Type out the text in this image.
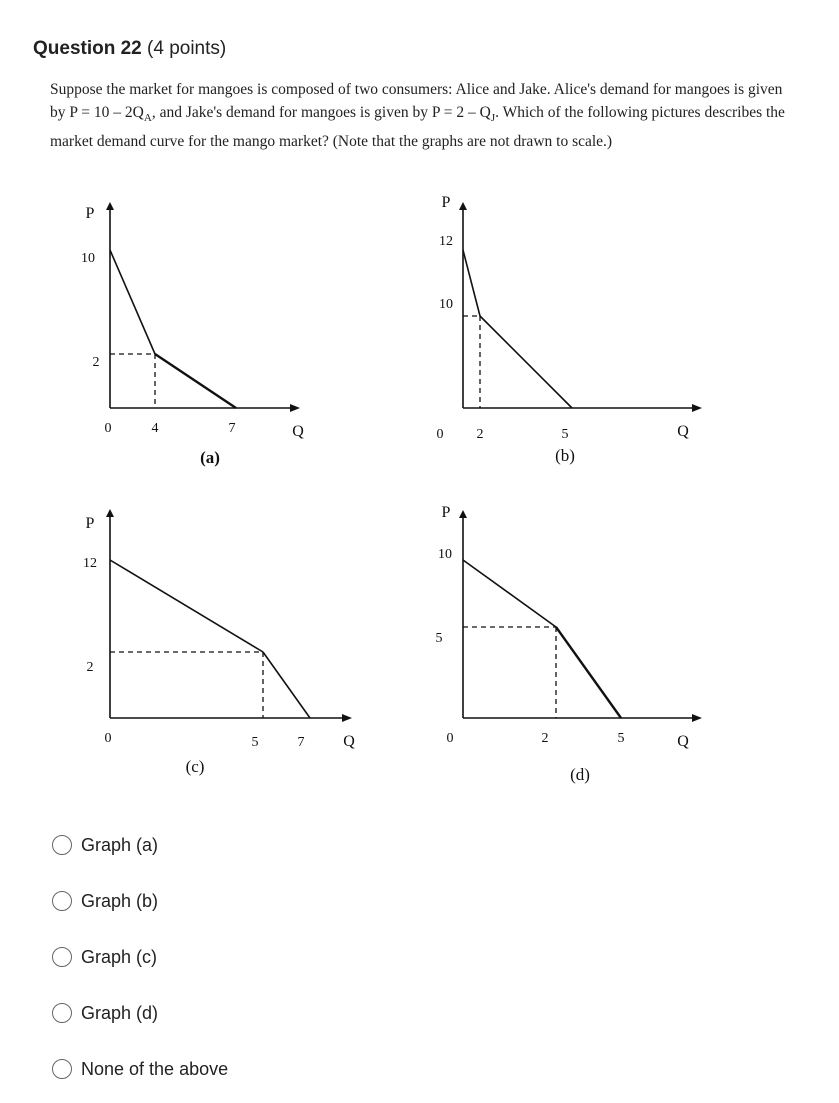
Question 22 (4 points)
Suppose the market for mangoes is composed of two consumers: Alice and Jake. Alice's demand for mangoes is given by $P = 10 - 2Q_A$, and Jake's demand for mangoes is given by $P = 2 - Q_J$. Which of the following pictures describes the market demand curve for the mango market? (Note that the graphs are not drawn to scale.)
P
Q
0	4	7
10
2
(a)
P
Q
0 2	5
12
10
(b)
P
Q
0	5	7
12
2
(c)
P
Q
0	2	5
10
5
(d)
Graph (a)
Graph (b)
Graph (c)
Graph (d)
None of the above
